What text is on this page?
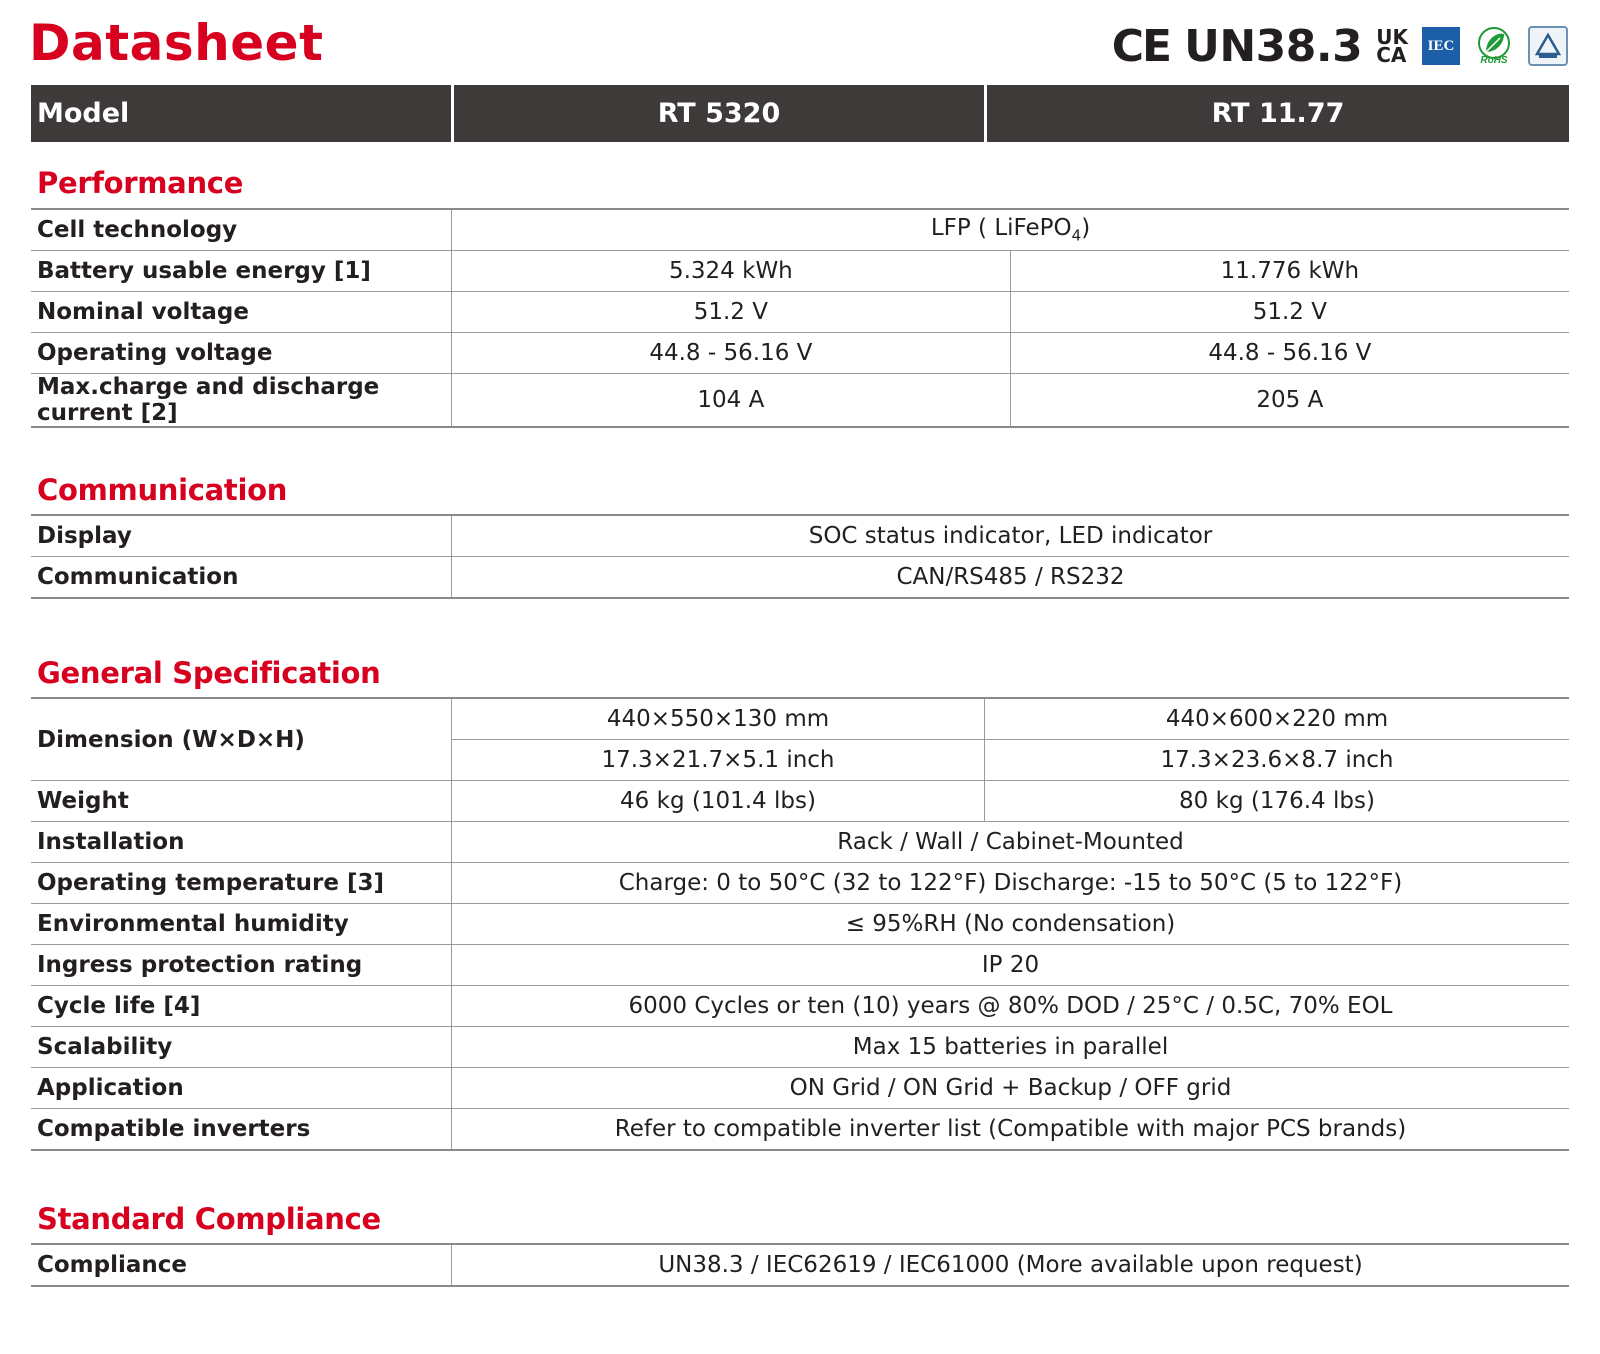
Datasheet	CE UN38.3 UK
CA	IEC
RoHS
Model	RT 5320	RT 11.77
Performance
Cell technology	LFP ( LiFePO$_4$)	
Battery usable energy [1]	5.324 kWh	11.776 kWh
Nominal voltage	51.2 V	51.2 V
Operating voltage	44.8 - 56.16 V	44.8 - 56.16 V
Max.charge and discharge current [2]	104 A	205 A
Communication
Display	SOC status indicator, LED indicator
Communication	CAN/RS485 / RS232
General Specification
Dimension (W×D×H)	440×550×130 mm	440×600×220 mm
	17.3×21.7×5.1 inch	17.3×23.6×8.7 inch
Weight	46 kg (101.4 lbs)	80 kg (176.4 lbs)
Installation	Rack / Wall / Cabinet-Mounted	
Operating temperature [3]	Charge: 0 to 50°C (32 to 122°F) Discharge: -15 to 50°C (5 to 122°F)	
Environmental humidity	≤ 95%RH (No condensation)	
Ingress protection rating	IP 20	
Cycle life [4]	6000 Cycles or ten (10) years @ 80% DOD / 25°C / 0.5C, 70% EOL	
Scalability	Max 15 batteries in parallel	
Application	ON Grid / ON Grid + Backup / OFF grid	
Compatible inverters	Refer to compatible inverter list (Compatible with major PCS brands)	
Standard Compliance
Compliance	UN38.3 / IEC62619 / IEC61000 (More available upon request)
